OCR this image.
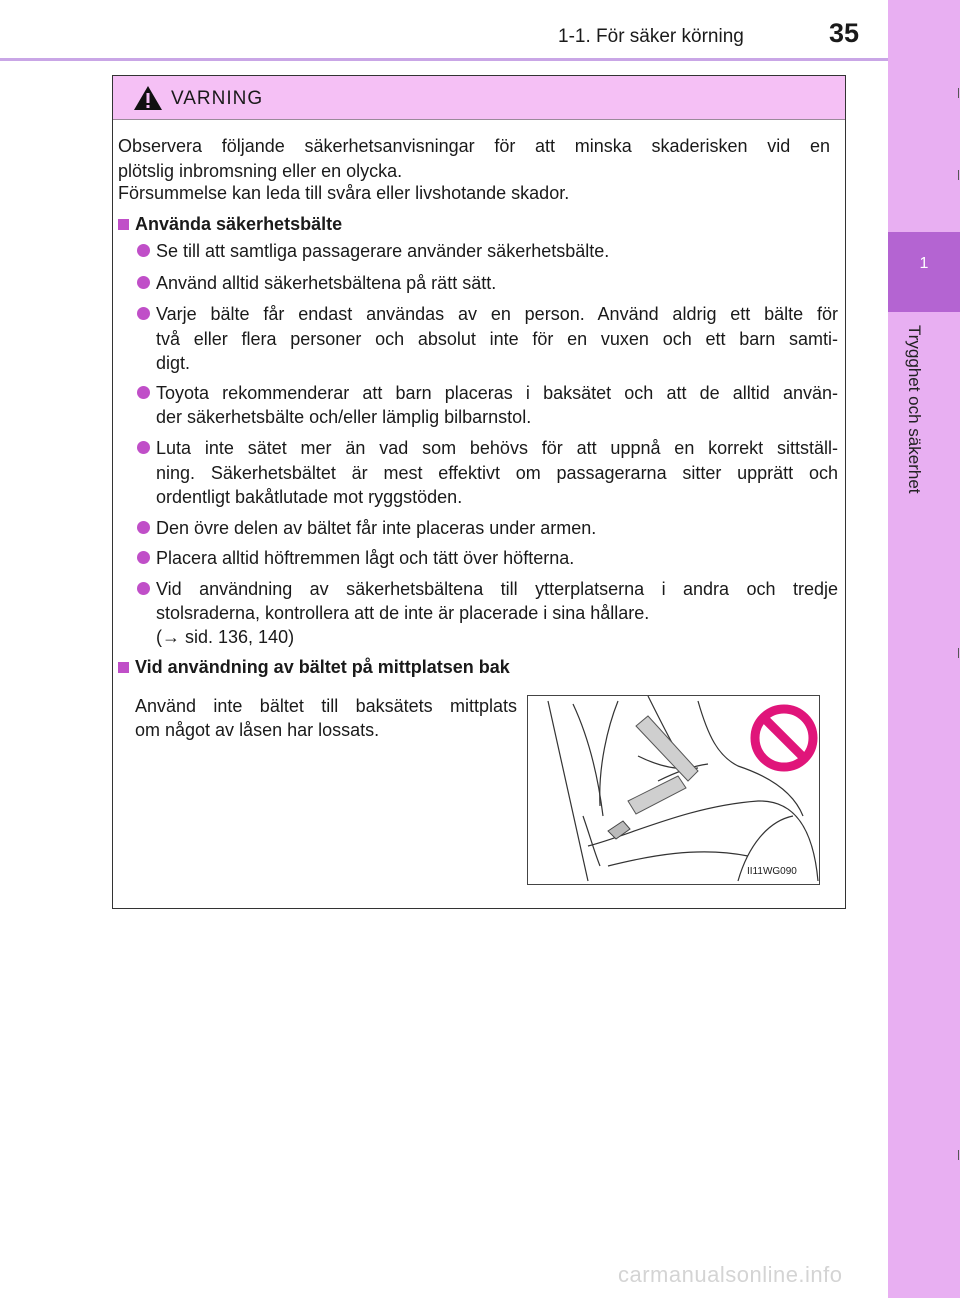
1-1. För säker körning	35
1
Trygghet och säkerhet
VARNING
Observera följande säkerhetsanvisningar för att minska skaderisken vid en
plötslig inbromsning eller en olycka.
Försummelse kan leda till svåra eller livshotande skador.
Använda säkerhetsbälte
Se till att samtliga passagerare använder säkerhetsbälte.
Använd alltid säkerhetsbältena på rätt sätt.
Varje bälte får endast användas av en person. Använd aldrig ett bälte för
två eller flera personer och absolut inte för en vuxen och ett barn samti-
digt.
Toyota rekommenderar att barn placeras i baksätet och att de alltid använ-
der säkerhetsbälte och/eller lämplig bilbarnstol.
Luta inte sätet mer än vad som behövs för att uppnå en korrekt sittställ-
ning. Säkerhetsbältet är mest effektivt om passagerarna sitter upprätt och
ordentligt bakåtlutade mot ryggstöden.
Den övre delen av bältet får inte placeras under armen.
Placera alltid höftremmen lågt och tätt över höfterna.
Vid användning av säkerhetsbältena till ytterplatserna i andra och tredje
stolsraderna, kontrollera att de inte är placerade i sina hållare.
(→ sid. 136, 140)
Vid användning av bältet på mittplatsen bak
Använd inte bältet till baksätets mittplats
om något av låsen har lossats.
II11WG090
carmanualsonline.info
